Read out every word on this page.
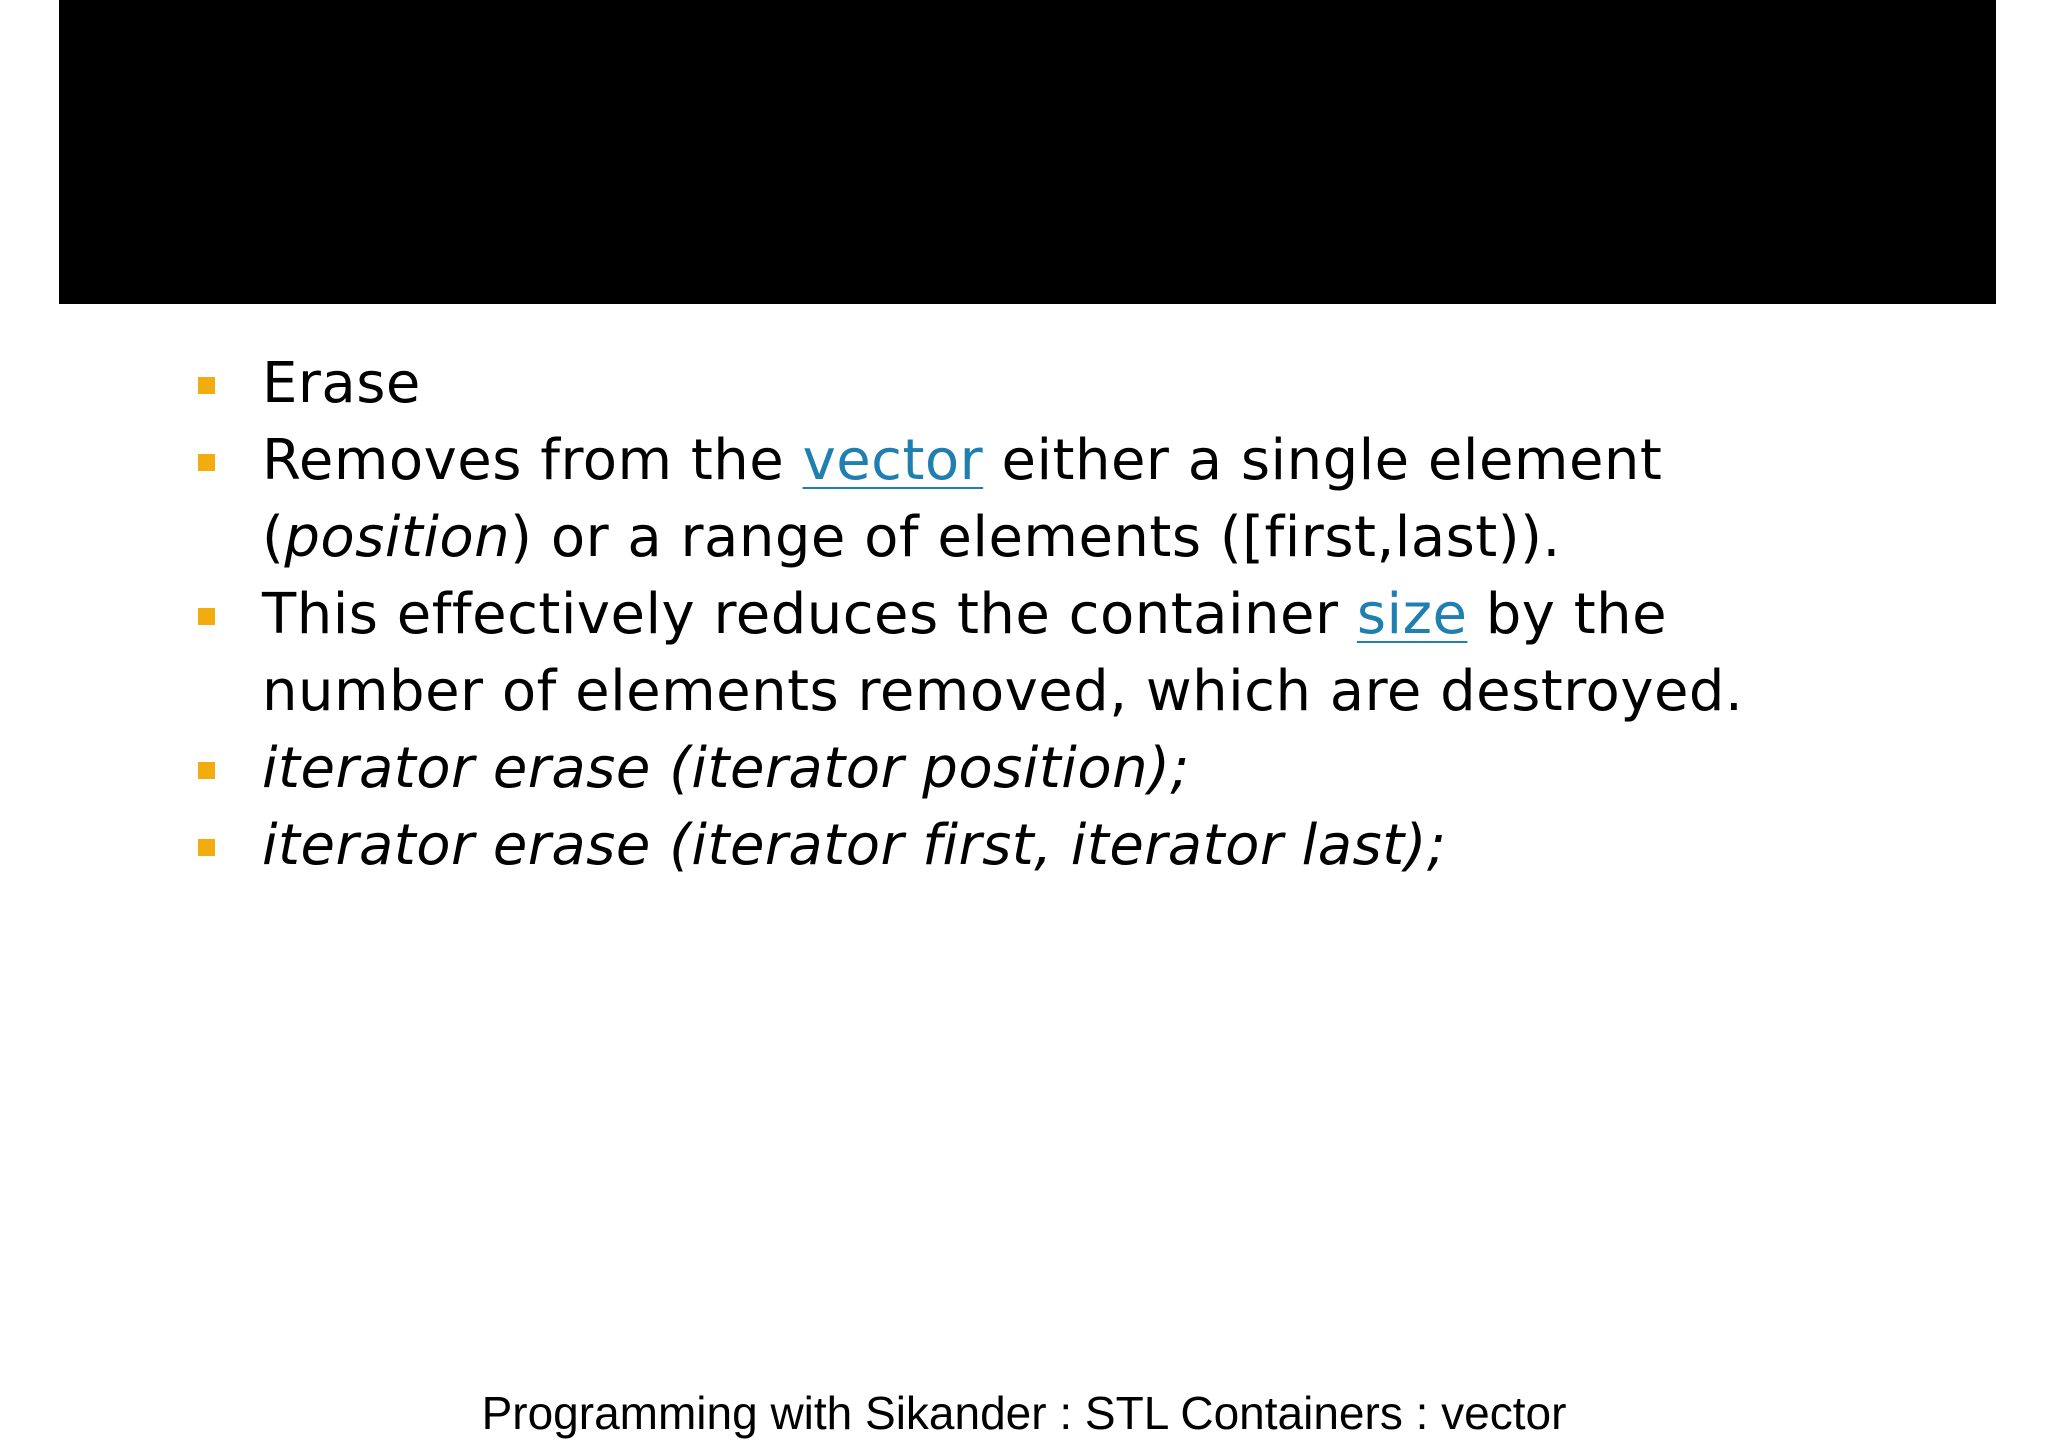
Erase
Removes from the vector either a single element (position) or a range of elements ([first,last)).
This effectively reduces the container size by the number of elements removed, which are destroyed.
iterator erase (iterator position);
iterator erase (iterator first, iterator last);
Programming with Sikander : STL Containers : vector
